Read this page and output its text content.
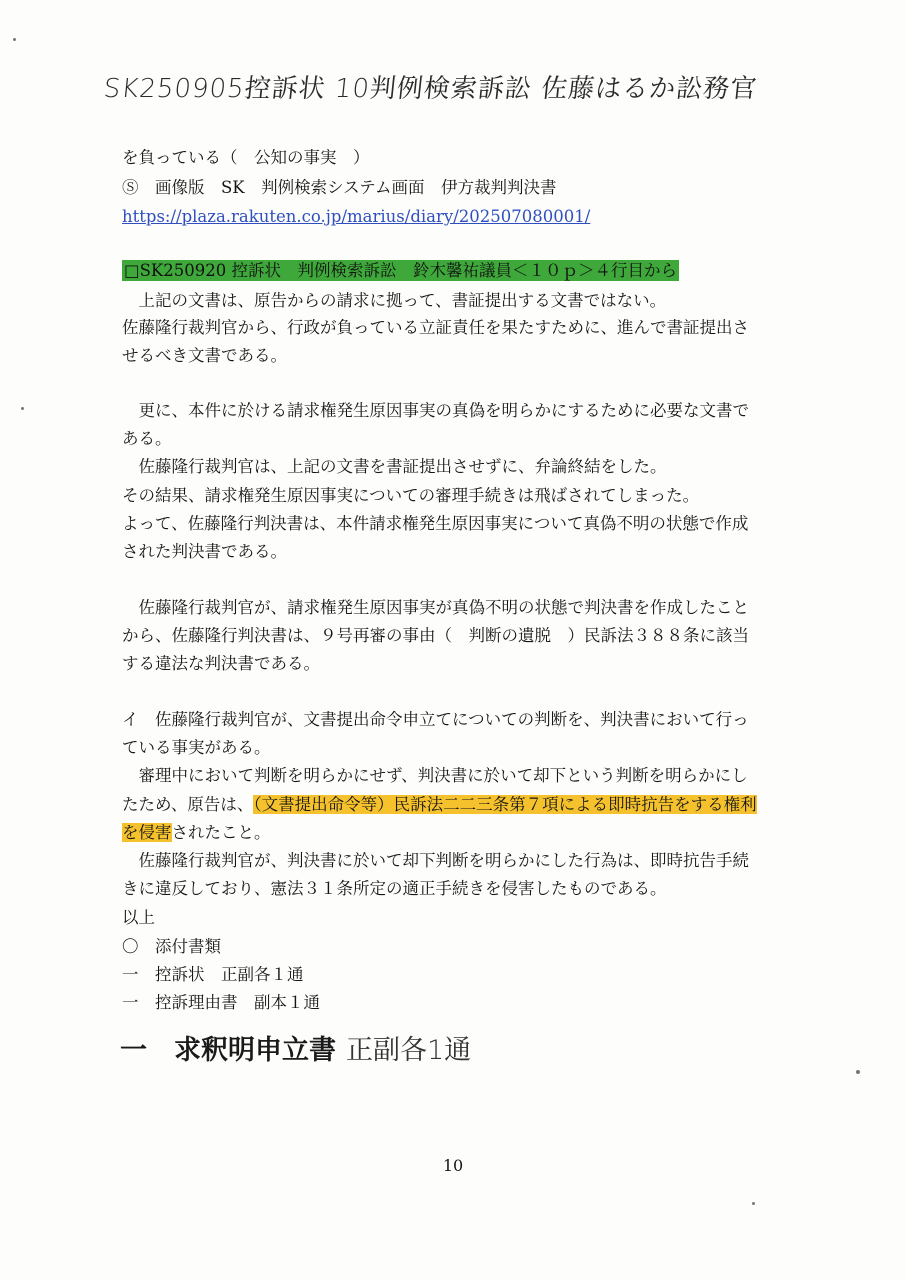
SK250905控訴状 10判例検索訴訟 佐藤はるか訟務官
を負っている（　公知の事実　）
Ⓢ　画像版　SK　判例検索システム画面　伊方裁判判決書
https://plaza.rakuten.co.jp/marius/diary/202507080001/
□SK250920 控訴状　判例検索訴訟　鈴木馨祐議員＜１０ｐ＞４行目から
　上記の文書は、原告からの請求に拠って、書証提出する文書ではない。
佐藤隆行裁判官から、行政が負っている立証責任を果たすために、進んで書証提出さ
せるべき文書である。
　更に、本件に於ける請求権発生原因事実の真偽を明らかにするために必要な文書で
ある。
　佐藤隆行裁判官は、上記の文書を書証提出させずに、弁論終結をした。
その結果、請求権発生原因事実についての審理手続きは飛ばされてしまった。
よって、佐藤隆行判決書は、本件請求権発生原因事実について真偽不明の状態で作成
された判決書である。
　佐藤隆行裁判官が、請求権発生原因事実が真偽不明の状態で判決書を作成したこと
から、佐藤隆行判決書は、９号再審の事由（　判断の遺脱　）民訴法３８８条に該当
する違法な判決書である。
イ　佐藤隆行裁判官が、文書提出命令申立てについての判断を、判決書において行っ
ている事実がある。
　審理中において判断を明らかにせず、判決書に於いて却下という判断を明らかにし
たため、原告は、（文書提出命令等）民訴法二二三条第７項による即時抗告をする権利
を侵害されたこと。
　佐藤隆行裁判官が、判決書に於いて却下判断を明らかにした行為は、即時抗告手続
きに違反しており、憲法３１条所定の適正手続きを侵害したものである。
以上
〇　添付書類
一　控訴状　正副各１通
一　控訴理由書　副本１通
一　求釈明申立書 正副各1通
10
